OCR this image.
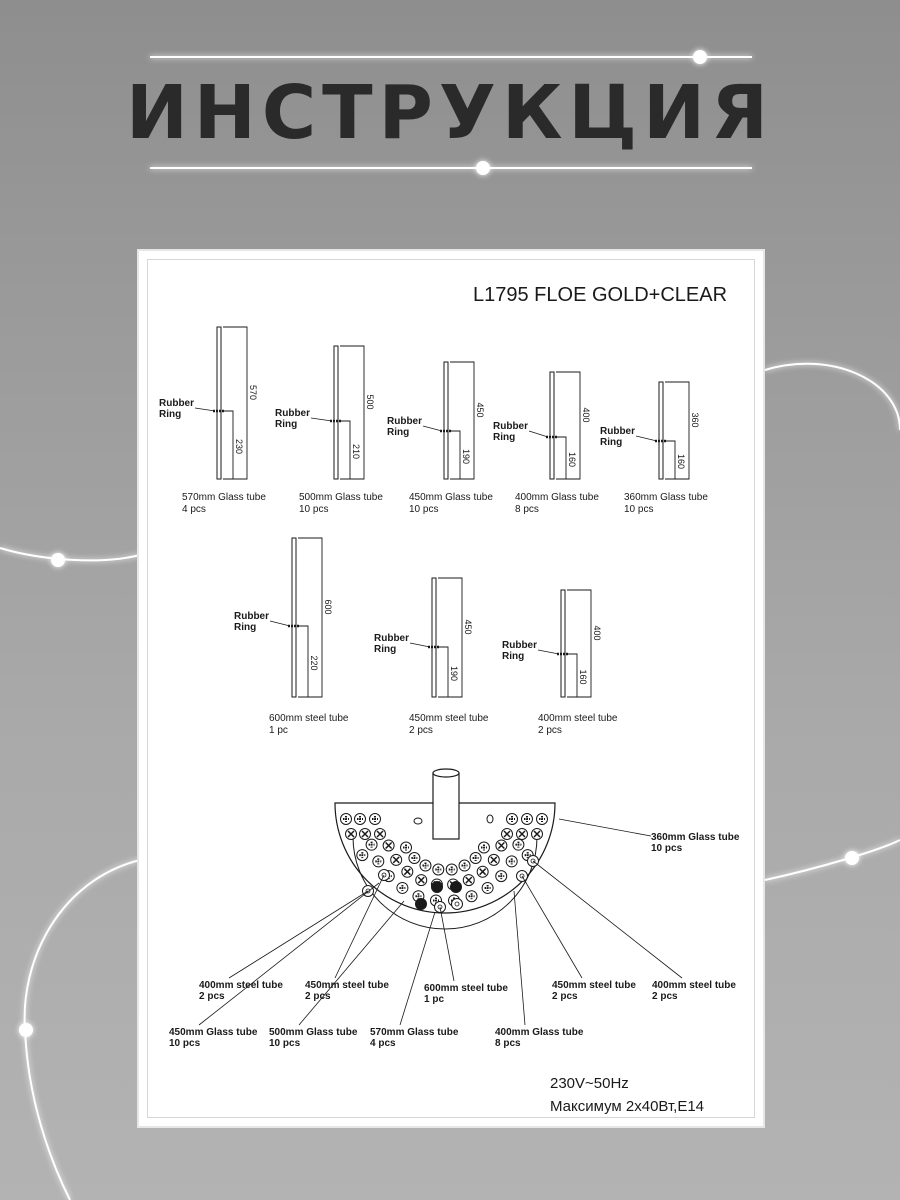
ИНСТРУКЦИЯ
L1795 FLOE GOLD+CLEAR
Rubber
Ring
570
230
570mm Glass tube
4 pcs
Rubber
Ring
500
210
500mm Glass tube
10 pcs
Rubber
Ring
450
190
450mm Glass tube
10 pcs
Rubber
Ring
400
160
400mm Glass tube
8 pcs
Rubber
Ring
360
160
360mm Glass tube
10 pcs
Rubber
Ring
600
220
600mm steel tube
1 pc
Rubber
Ring
450
190
450mm steel tube
2 pcs
Rubber
Ring
400
160
400mm steel tube
2 pcs
360mm Glass tube
10 pcs
400mm steel tube
2 pcs
450mm steel tube
2 pcs
600mm steel tube
1 pc
450mm steel tube
2 pcs
400mm steel tube
2 pcs
450mm Glass tube
10 pcs
500mm Glass tube
10 pcs
570mm Glass tube
4 pcs
400mm Glass tube
8 pcs
230V~50Hz
Максимум 2х40Вт,Е14
